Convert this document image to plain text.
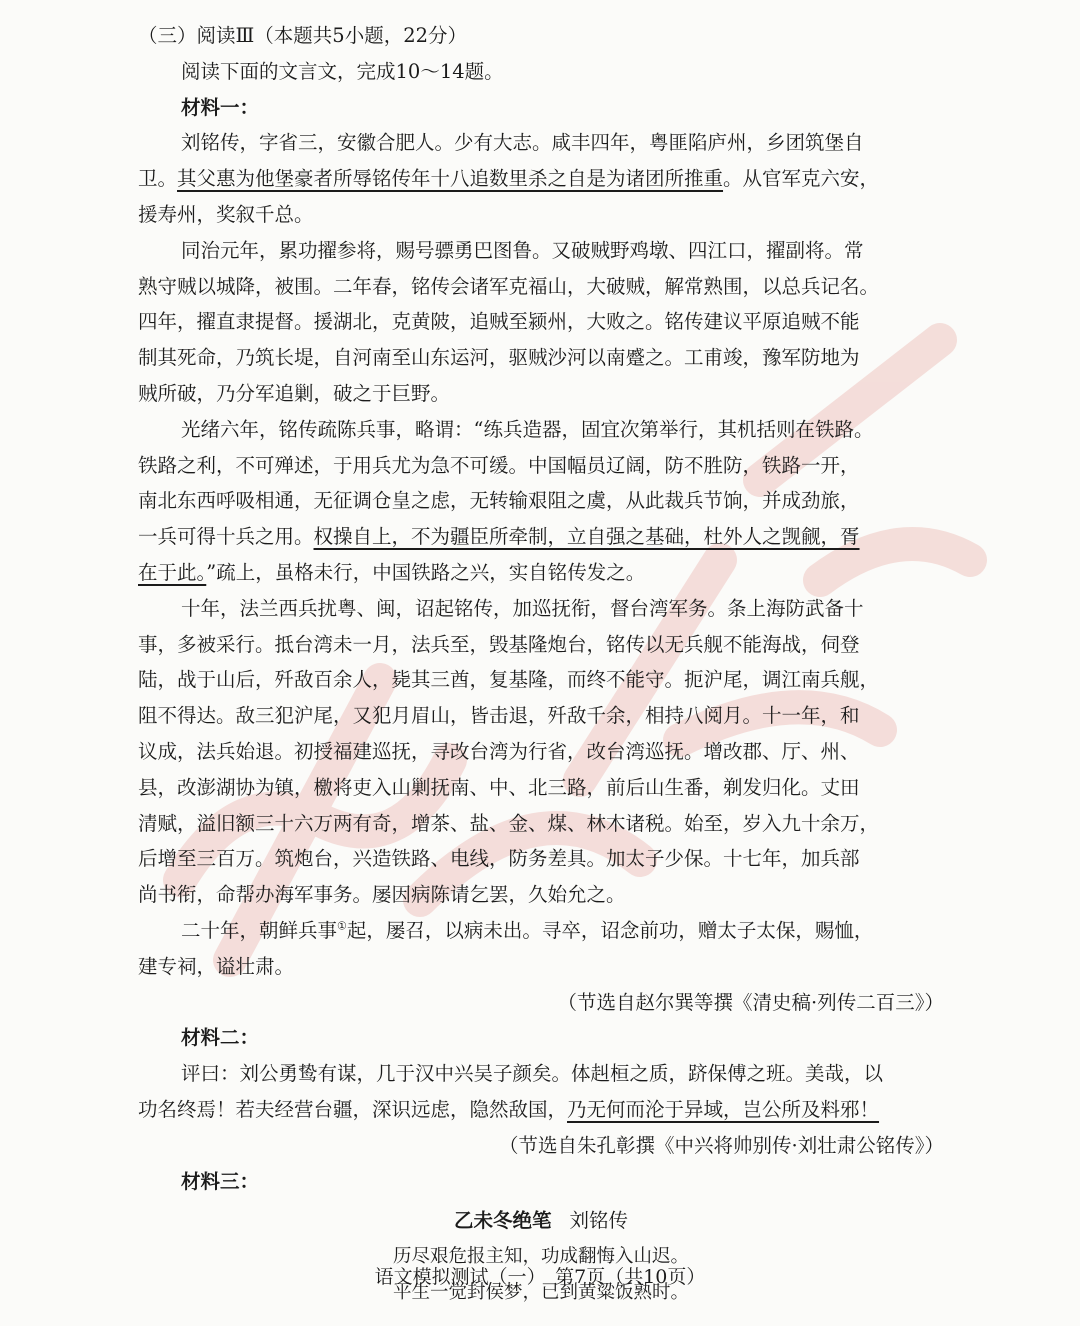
（三）阅读Ⅲ（本题共5小题，22分）
阅读下面的文言文，完成10～14题。
材料一：
刘铭传，字省三，安徽合肥人。少有大志。咸丰四年，粤匪陷庐州，乡团筑堡自
卫。其父惠为他堡豪者所辱铭传年十八追数里杀之自是为诸团所推重。从官军克六安，
援寿州，奖叙千总。
同治元年，累功擢参将，赐号骠勇巴图鲁。又破贼野鸡墩、四江口，擢副将。常
熟守贼以城降，被围。二年春，铭传会诸军克福山，大破贼，解常熟围，以总兵记名。
四年，擢直隶提督。援湖北，克黄陂，追贼至颍州，大败之。铭传建议平原追贼不能
制其死命，乃筑长堤，自河南至山东运河，驱贼沙河以南蹙之。工甫竣，豫军防地为
贼所破，乃分军追剿，破之于巨野。
光绪六年，铭传疏陈兵事，略谓：“练兵造器，固宜次第举行，其机括则在铁路。
铁路之利，不可殚述，于用兵尤为急不可缓。中国幅员辽阔，防不胜防，铁路一开，
南北东西呼吸相通，无征调仓皇之虑，无转输艰阻之虞，从此裁兵节饷，并成劲旅，
一兵可得十兵之用。权操自上，不为疆臣所牵制，立自强之基础，杜外人之觊觎，胥
在于此。”疏上，虽格未行，中国铁路之兴，实自铭传发之。
十年，法兰西兵扰粤、闽，诏起铭传，加巡抚衔，督台湾军务。条上海防武备十
事，多被采行。抵台湾未一月，法兵至，毁基隆炮台，铭传以无兵舰不能海战，伺登
陆，战于山后，歼敌百余人，毙其三酋，复基隆，而终不能守。扼沪尾，调江南兵舰，
阻不得达。敌三犯沪尾，又犯月眉山，皆击退，歼敌千余，相持八阅月。十一年，和
议成，法兵始退。初授福建巡抚，寻改台湾为行省，改台湾巡抚。增改郡、厅、州、
县，改澎湖协为镇，檄将吏入山剿抚南、中、北三路，前后山生番，剃发归化。丈田
清赋，溢旧额三十六万两有奇，增茶、盐、金、煤、林木诸税。始至，岁入九十余万，
后增至三百万。筑炮台，兴造铁路、电线，防务差具。加太子少保。十七年，加兵部
尚书衔，命帮办海军事务。屡因病陈请乞罢，久始允之。
二十年，朝鲜兵事①起，屡召，以病未出。寻卒，诏念前功，赠太子太保，赐恤，
建专祠，谥壮肃。
（节选自赵尔巽等撰《清史稿·列传二百三》）
材料二：
评曰：刘公勇鸷有谋，几于汉中兴吴子颜矣。体赳桓之质，跻保傅之班。美哉，以
功名终焉！若夫经营台疆，深识远虑，隐然敌国，乃无何而沦于异域，岂公所及料邪！
（节选自朱孔彰撰《中兴将帅别传·刘壮肃公铭传》）
材料三：
乙未冬绝笔 刘铭传
历尽艰危报主知，功成翻悔入山迟。
平生一觉封侯梦，已到黄粱饭熟时。
语文模拟测试（一）　第7页（共10页）
